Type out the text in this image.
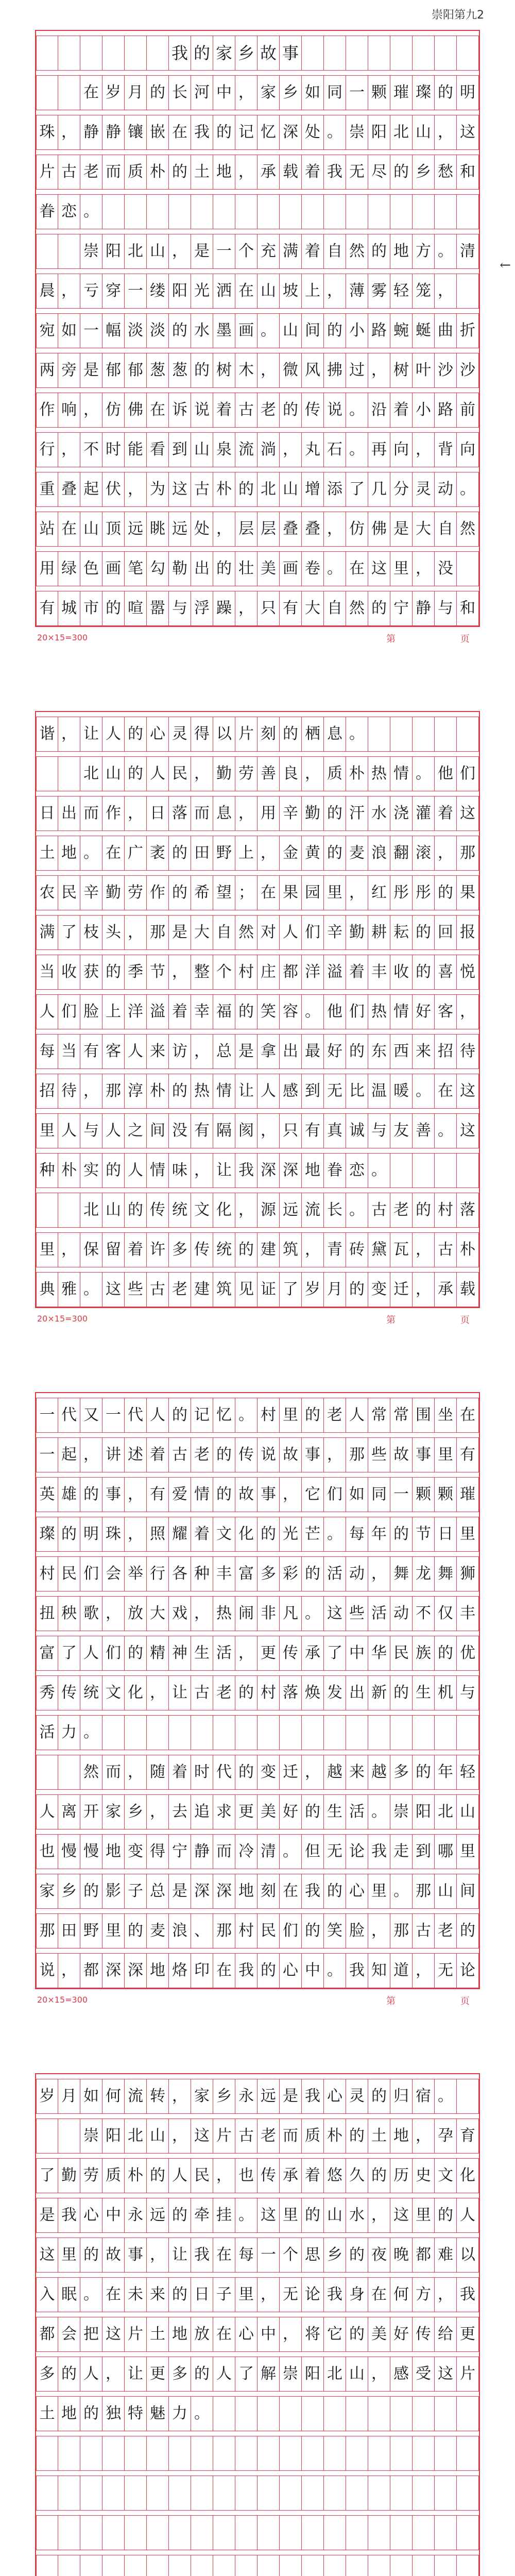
崇阳第九2
←
我 的 家 乡 故 事
在 岁 月 的 长 河 中 ， 家 乡 如 同 一 颗 璀 璨 的 明
珠 ， 静 静 镶 嵌 在 我 的 记 忆 深 处 。 崇 阳 北 山 ， 这
片 古 老 而 质 朴 的 土 地 ， 承 载 着 我 无 尽 的 乡 愁 和
眷 恋 。
崇 阳 北 山 ， 是 一 个 充 满 着 自 然 的 地 方 。 清
晨 ， 亏 穿 一 缕 阳 光 洒 在 山 坡 上 ， 薄 雾 轻 笼 ，
宛 如 一 幅 淡 淡 的 水 墨 画 。 山 间 的 小 路 蜿 蜒 曲 折
两 旁 是 郁 郁 葱 葱 的 树 木 ， 微 风 拂 过 ， 树 叶 沙 沙
作 响 ， 仿 佛 在 诉 说 着 古 老 的 传 说 。 沿 着 小 路 前
行 ， 不 时 能 看 到 山 泉 流 淌 ， 丸 石 。 再 向 ， 背 向
重 叠 起 伏 ， 为 这 古 朴 的 北 山 增 添 了 几 分 灵 动 。
站 在 山 顶 远 眺 远 处 ， 层 层 叠 叠 ， 仿 佛 是 大 自 然
用 绿 色 画 笔 勾 勒 出 的 壮 美 画 卷 。 在 这 里 ， 没
有 城 市 的 喧 嚣 与 浮 躁 ， 只 有 大 自 然 的 宁 静 与 和
20×15=300	第 页
谐 ， 让 人 的 心 灵 得 以 片 刻 的 栖 息 。
北 山 的 人 民 ， 勤 劳 善 良 ， 质 朴 热 情 。 他 们
日 出 而 作 ， 日 落 而 息 ， 用 辛 勤 的 汗 水 浇 灌 着 这
土 地 。 在 广 袤 的 田 野 上 ， 金 黄 的 麦 浪 翻 滚 ， 那
农 民 辛 勤 劳 作 的 希 望 ； 在 果 园 里 ， 红 彤 彤 的 果
满 了 枝 头 ， 那 是 大 自 然 对 人 们 辛 勤 耕 耘 的 回 报
当 收 获 的 季 节 ， 整 个 村 庄 都 洋 溢 着 丰 收 的 喜 悦
人 们 脸 上 洋 溢 着 幸 福 的 笑 容 。 他 们 热 情 好 客 ，
每 当 有 客 人 来 访 ， 总 是 拿 出 最 好 的 东 西 来 招 待
招 待 ， 那 淳 朴 的 热 情 让 人 感 到 无 比 温 暖 。 在 这
里 人 与 人 之 间 没 有 隔 阂 ， 只 有 真 诚 与 友 善 。 这
种 朴 实 的 人 情 味 ， 让 我 深 深 地 眷 恋 。
北 山 的 传 统 文 化 ， 源 远 流 长 。 古 老 的 村 落
里 ， 保 留 着 许 多 传 统 的 建 筑 ， 青 砖 黛 瓦 ， 古 朴
典 雅 。 这 些 古 老 建 筑 见 证 了 岁 月 的 变 迁 ， 承 载
20×15=300	第 页
一 代 又 一 代 人 的 记 忆 。 村 里 的 老 人 常 常 围 坐 在
一 起 ， 讲 述 着 古 老 的 传 说 故 事 ， 那 些 故 事 里 有
英 雄 的 事 ， 有 爱 情 的 故 事 ， 它 们 如 同 一 颗 颗 璀
璨 的 明 珠 ， 照 耀 着 文 化 的 光 芒 。 每 年 的 节 日 里
村 民 们 会 举 行 各 种 丰 富 多 彩 的 活 动 ， 舞 龙 舞 狮
扭 秧 歌 ， 放 大 戏 ， 热 闹 非 凡 。 这 些 活 动 不 仅 丰
富 了 人 们 的 精 神 生 活 ， 更 传 承 了 中 华 民 族 的 优
秀 传 统 文 化 ， 让 古 老 的 村 落 焕 发 出 新 的 生 机 与
活 力 。
然 而 ， 随 着 时 代 的 变 迁 ， 越 来 越 多 的 年 轻
人 离 开 家 乡 ， 去 追 求 更 美 好 的 生 活 。 崇 阳 北 山
也 慢 慢 地 变 得 宁 静 而 冷 清 。 但 无 论 我 走 到 哪 里
家 乡 的 影 子 总 是 深 深 地 刻 在 我 的 心 里 。 那 山 间
那 田 野 里 的 麦 浪 、 那 村 民 们 的 笑 脸 ， 那 古 老 的
说 ， 都 深 深 地 烙 印 在 我 的 心 中 。 我 知 道 ， 无 论
20×15=300	第 页
岁 月 如 何 流 转 ， 家 乡 永 远 是 我 心 灵 的 归 宿 。
崇 阳 北 山 ， 这 片 古 老 而 质 朴 的 土 地 ， 孕 育
了 勤 劳 质 朴 的 人 民 ， 也 传 承 着 悠 久 的 历 史 文 化
是 我 心 中 永 远 的 牵 挂 。 这 里 的 山 水 ， 这 里 的 人
这 里 的 故 事 ， 让 我 在 每 一 个 思 乡 的 夜 晚 都 难 以
入 眠 。 在 未 来 的 日 子 里 ， 无 论 我 身 在 何 方 ， 我
都 会 把 这 片 土 地 放 在 心 中 ， 将 它 的 美 好 传 给 更
多 的 人 ， 让 更 多 的 人 了 解 崇 阳 北 山 ， 感 受 这 片
土 地 的 独 特 魅 力 。
